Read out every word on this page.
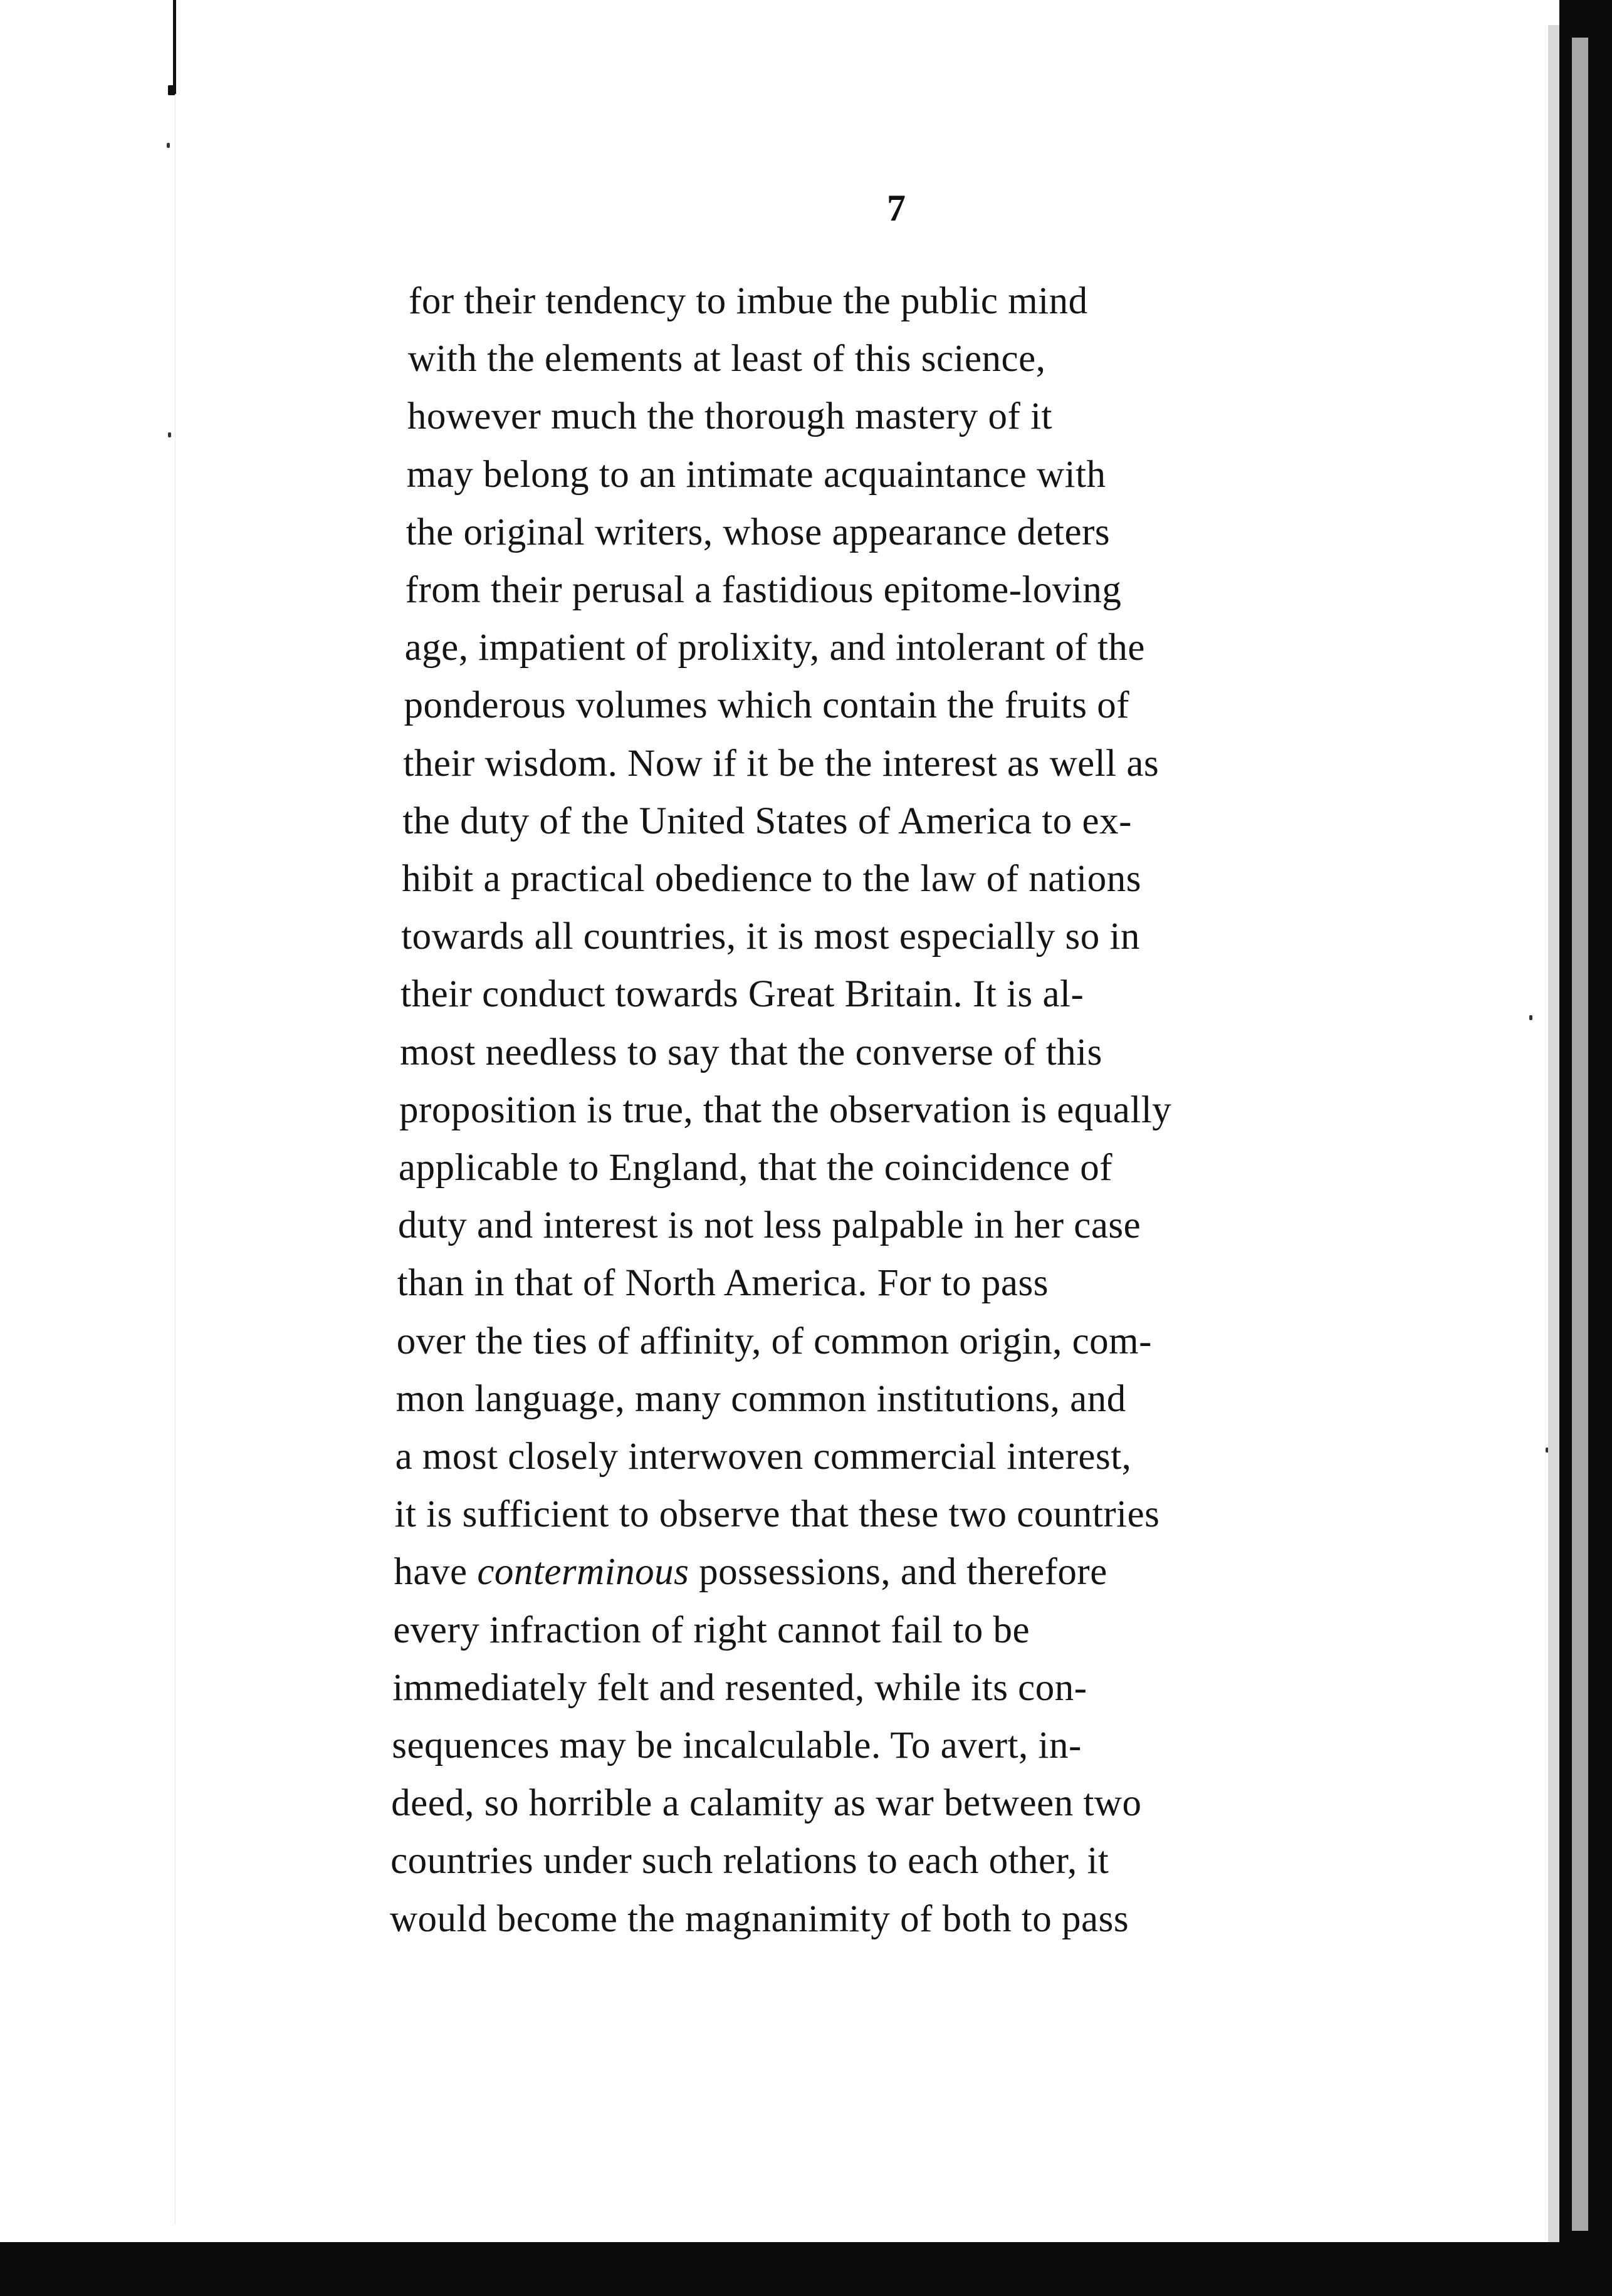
7
for their tendency to imbue the public mind
with the elements at least of this science,
however much the thorough mastery of it
may belong to an intimate acquaintance with
the original writers, whose appearance deters
from their perusal a fastidious epitome-loving
age, impatient of prolixity, and intolerant of the
ponderous volumes which contain the fruits of
their wisdom. Now if it be the interest as well as
the duty of the United States of America to ex-
hibit a practical obedience to the law of nations
towards all countries, it is most especially so in
their conduct towards Great Britain. It is al-
most needless to say that the converse of this
proposition is true, that the observation is equally
applicable to England, that the coincidence of
duty and interest is not less palpable in her case
than in that of North America. For to pass
over the ties of affinity, of common origin, com-
mon language, many common institutions, and
a most closely interwoven commercial interest,
it is sufficient to observe that these two countries
have conterminous possessions, and therefore
every infraction of right cannot fail to be
immediately felt and resented, while its con-
sequences may be incalculable. To avert, in-
deed, so horrible a calamity as war between two
countries under such relations to each other, it
would become the magnanimity of both to pass
